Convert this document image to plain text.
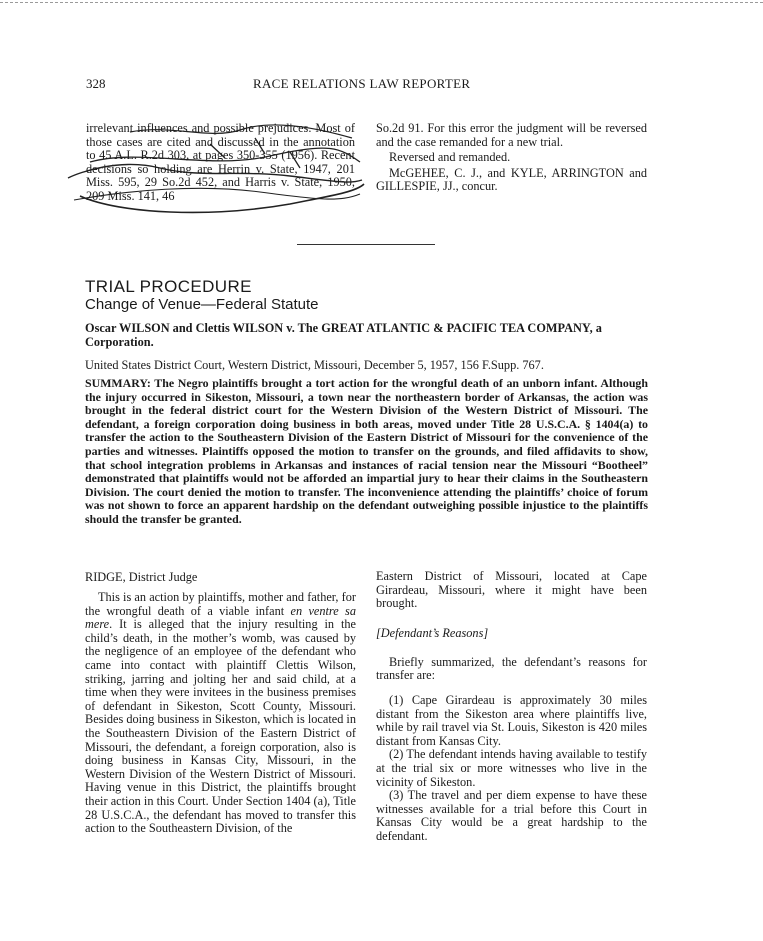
328	RACE RELATIONS LAW REPORTER

irrelevant influences and possible prejudices. Most of those cases are cited and discussed in the annotation to 45 A.L. R.2d 303, at pages 350-355 (1956). Recent decisions so holding are Herrin v. State, 1947, 201 Miss. 595, 29 So.2d 452, and Harris v. State, 1950, 209 Miss. 141, 46

So.2d 91. For this error the judgment will be reversed and the case remanded for a new trial.

Reversed and remanded.

McGEHEE, C. J., and KYLE, ARRINGTON and GILLESPIE, JJ., concur.

TRIAL PROCEDURE
Change of Venue—Federal Statute
Oscar WILSON and Clettis WILSON v. The GREAT ATLANTIC & PACIFIC TEA COMPANY, a Corporation.
United States District Court, Western District, Missouri, December 5, 1957, 156 F.Supp. 767.
SUMMARY: The Negro plaintiffs brought a tort action for the wrongful death of an unborn infant. Although the injury occurred in Sikeston, Missouri, a town near the northeastern border of Arkansas, the action was brought in the federal district court for the Western Division of the Western District of Missouri. The defendant, a foreign corporation doing business in both areas, moved under Title 28 U.S.C.A. § 1404(a) to transfer the action to the Southeastern Division of the Eastern District of Missouri for the convenience of the parties and witnesses. Plaintiffs opposed the motion to transfer on the grounds, and filed affidavits to show, that school integration problems in Arkansas and instances of racial tension near the Missouri “Bootheel” demonstrated that plaintiffs would not be afforded an impartial jury to hear their claims in the Southeastern Division. The court denied the motion to transfer. The inconvenience attending the plaintiffs’ choice of forum was not shown to force an apparent hardship on the defendant outweighing possible injustice to the plaintiffs should the transfer be granted.
RIDGE, District Judge

This is an action by plaintiffs, mother and father, for the wrongful death of a viable infant en ventre sa mere. It is alleged that the injury resulting in the child’s death, in the mother’s womb, was caused by the negligence of an employee of the defendant who came into contact with plaintiff Clettis Wilson, striking, jarring and jolting her and said child, at a time when they were invitees in the business premises of defendant in Sikeston, Scott County, Missouri. Besides doing business in Sikeston, which is located in the Southeastern Division of the Eastern District of Missouri, the defendant, a foreign corporation, also is doing business in Kansas City, Missouri, in the Western Division of the Western District of Missouri. Having venue in this District, the plaintiffs brought their action in this Court. Under Section 1404 (a), Title 28 U.S.C.A., the defendant has moved to transfer this action to the Southeastern Division, of the

Eastern District of Missouri, located at Cape Girardeau, Missouri, where it might have been brought.

[Defendant’s Reasons]

Briefly summarized, the defendant’s reasons for transfer are:

(1) Cape Girardeau is approximately 30 miles distant from the Sikeston area where plaintiffs live, while by rail travel via St. Louis, Sikeston is 420 miles distant from Kansas City.

(2) The defendant intends having available to testify at the trial six or more witnesses who live in the vicinity of Sikeston.

(3) The travel and per diem expense to have these witnesses available for a trial before this Court in Kansas City would be a great hardship to the defendant.
